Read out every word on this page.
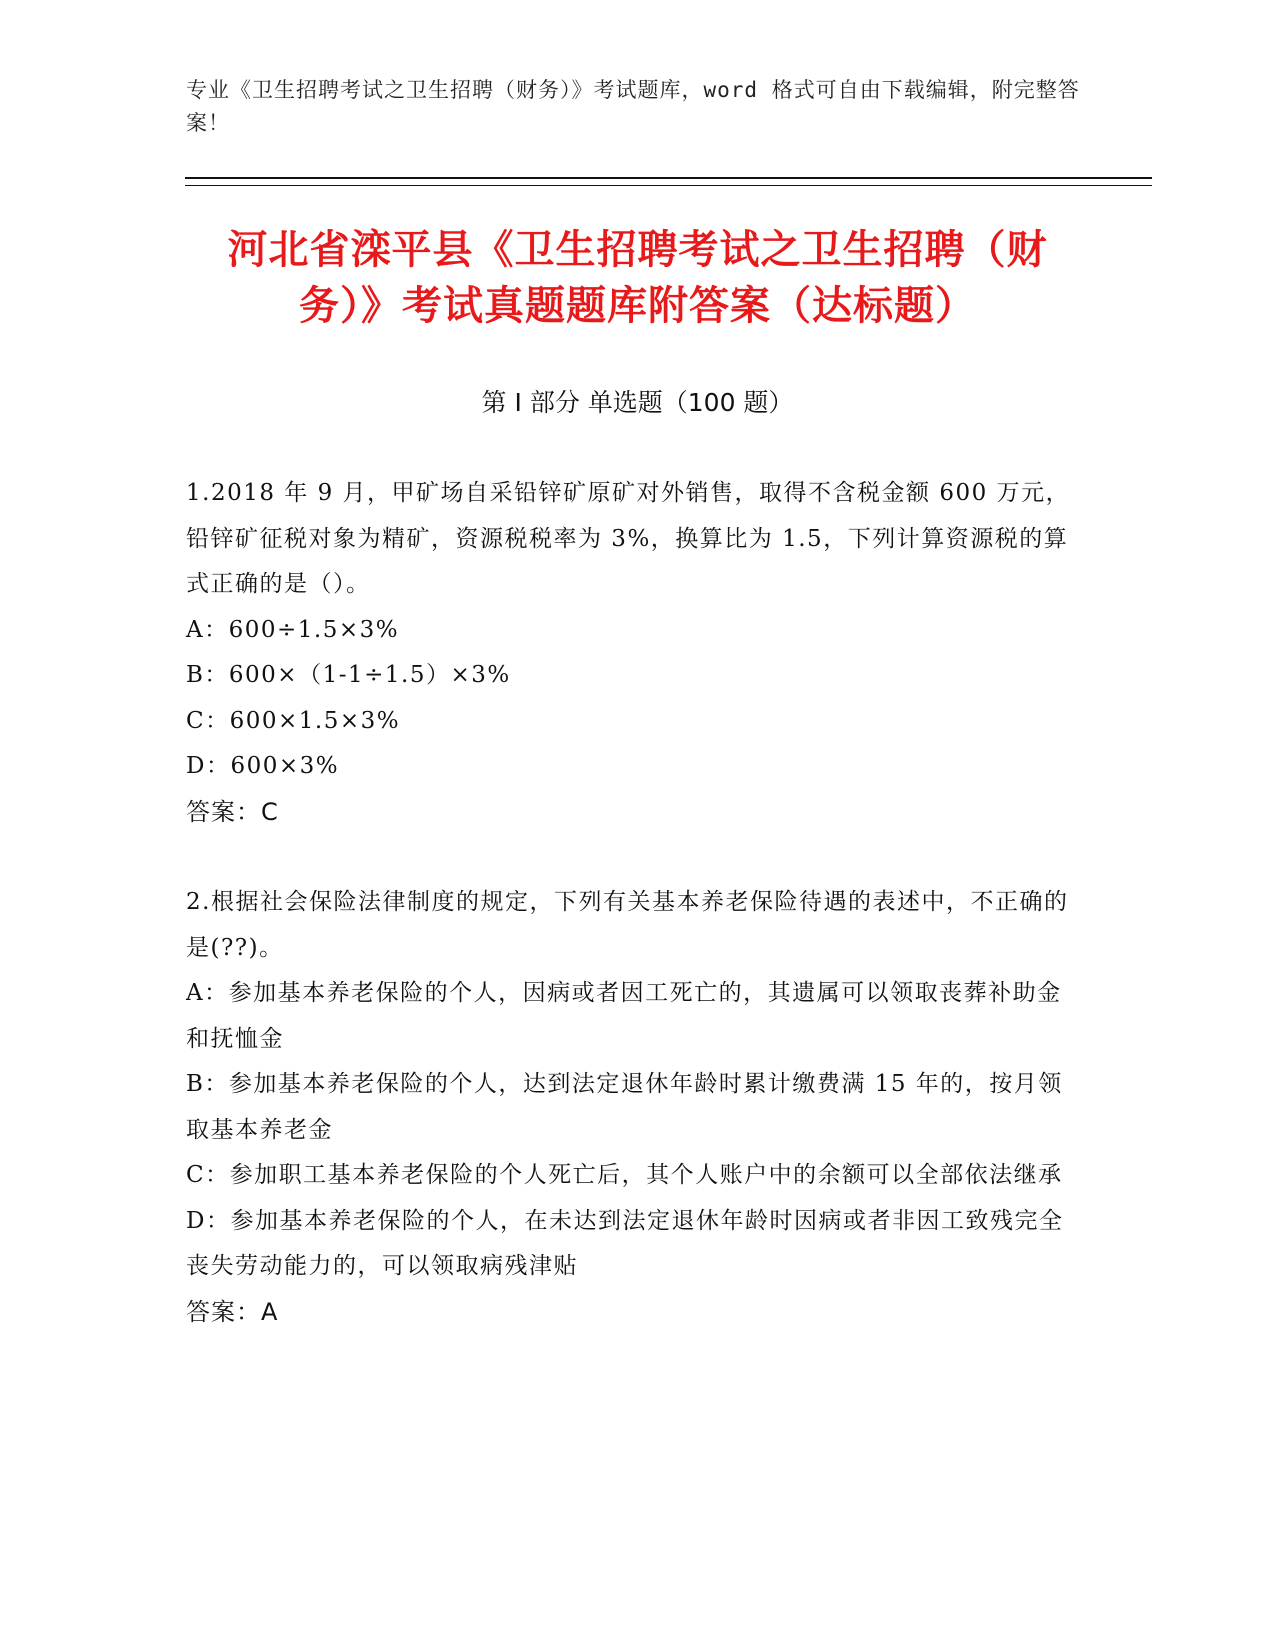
专业《卫生招聘考试之卫生招聘（财务）》考试题库，word 格式可自由下载编辑，附完整答案！
河北省滦平县《卫生招聘考试之卫生招聘（财务）》考试真题题库附答案（达标题）
第 I 部分 单选题（100 题）

1.2018 年 9 月，甲矿场自采铅锌矿原矿对外销售，取得不含税金额 600 万元，铅锌矿征税对象为精矿，资源税税率为 3%，换算比为 1.5，下列计算资源税的算式正确的是（）。

A：600÷1.5×3%

B：600×（1-1÷1.5）×3%

C：600×1.5×3%

D：600×3%

答案：C

2.根据社会保险法律制度的规定，下列有关基本养老保险待遇的表述中，不正确的是(??)。

A：参加基本养老保险的个人，因病或者因工死亡的，其遗属可以领取丧葬补助金和抚恤金

B：参加基本养老保险的个人，达到法定退休年龄时累计缴费满 15 年的，按月领取基本养老金

C：参加职工基本养老保险的个人死亡后，其个人账户中的余额可以全部依法继承

D：参加基本养老保险的个人，在未达到法定退休年龄时因病或者非因工致残完全丧失劳动能力的，可以领取病残津贴

答案：A
